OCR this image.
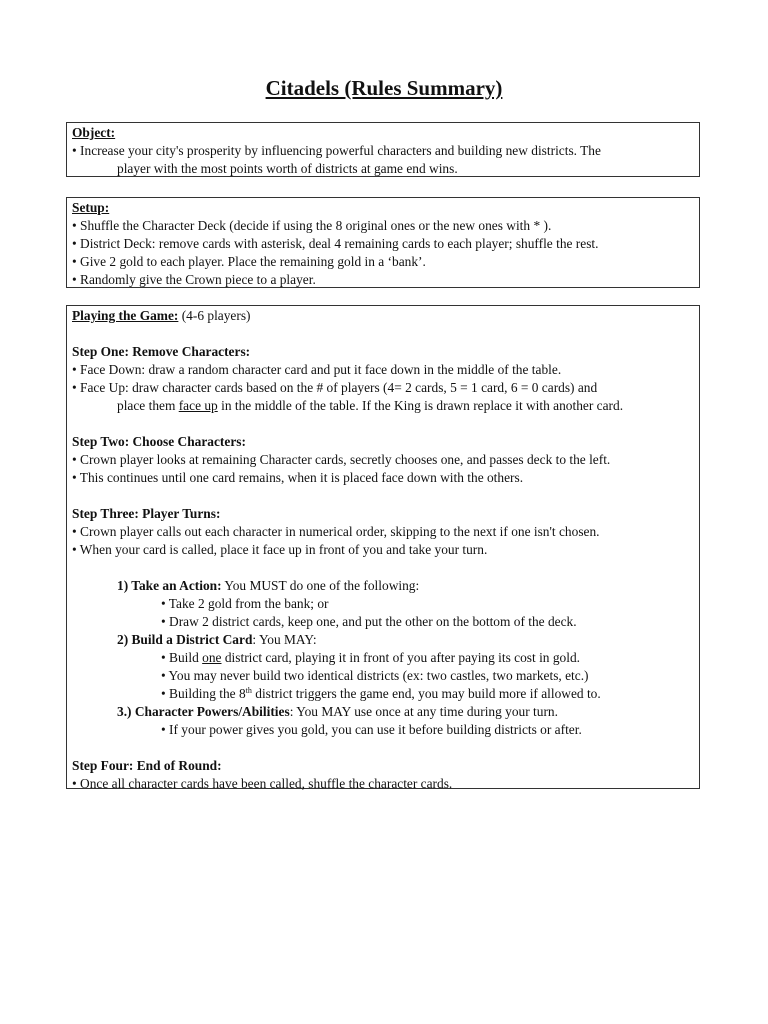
Citadels (Rules Summary)
Object:
• Increase your city's prosperity by influencing powerful characters and building new districts. The
player with the most points worth of districts at game end wins.
Setup:
• Shuffle the Character Deck (decide if using the 8 original ones or the new ones with * ).
• District Deck: remove cards with asterisk, deal 4 remaining cards to each player; shuffle the rest.
• Give 2 gold to each player. Place the remaining gold in a ‘bank’.
• Randomly give the Crown piece to a player.
Playing the Game: (4-6 players)
Step One: Remove Characters:
• Face Down: draw a random character card and put it face down in the middle of the table.
• Face Up: draw character cards based on the # of players (4= 2 cards, 5 = 1 card, 6 = 0 cards) and
place them face up in the middle of the table. If the King is drawn replace it with another card.
Step Two: Choose Characters:
• Crown player looks at remaining Character cards, secretly chooses one, and passes deck to the left.
• This continues until one card remains, when it is placed face down with the others.
Step Three: Player Turns:
• Crown player calls out each character in numerical order, skipping to the next if one isn't chosen.
• When your card is called, place it face up in front of you and take your turn.
1) Take an Action: You MUST do one of the following:
• Take 2 gold from the bank; or
• Draw 2 district cards, keep one, and put the other on the bottom of the deck.
2) Build a District Card: You MAY:
• Build one district card, playing it in front of you after paying its cost in gold.
• You may never build two identical districts (ex: two castles, two markets, etc.)
• Building the 8th district triggers the game end, you may build more if allowed to.
3.) Character Powers/Abilities: You MAY use once at any time during your turn.
• If your power gives you gold, you can use it before building districts or after.
Step Four: End of Round:
• Once all character cards have been called, shuffle the character cards.
